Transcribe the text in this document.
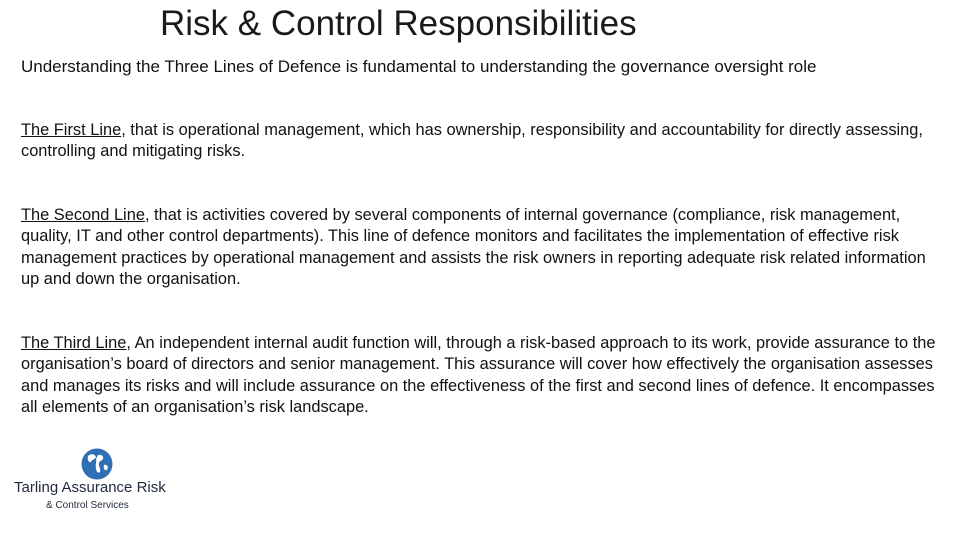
Risk & Control Responsibilities
Understanding the Three Lines of Defence is fundamental to understanding the governance oversight role
The First Line, that is operational management, which has ownership, responsibility and accountability for directly assessing, controlling and mitigating risks.
The Second Line, that is activities covered by several components of internal governance (compliance, risk management, quality, IT and other control departments). This line of defence monitors and facilitates the implementation of effective risk management practices by operational management and assists the risk owners in reporting adequate risk related information up and down the organisation.
The Third Line, An independent internal audit function will, through a risk-based approach to its work, provide assurance to the organisation’s board of directors and senior management. This assurance will cover how effectively the organisation assesses and manages its risks and will include assurance on the effectiveness of the first and second lines of defence. It encompasses all elements of an organisation’s risk landscape.
Tarling Assurance Risk
& Control Services
